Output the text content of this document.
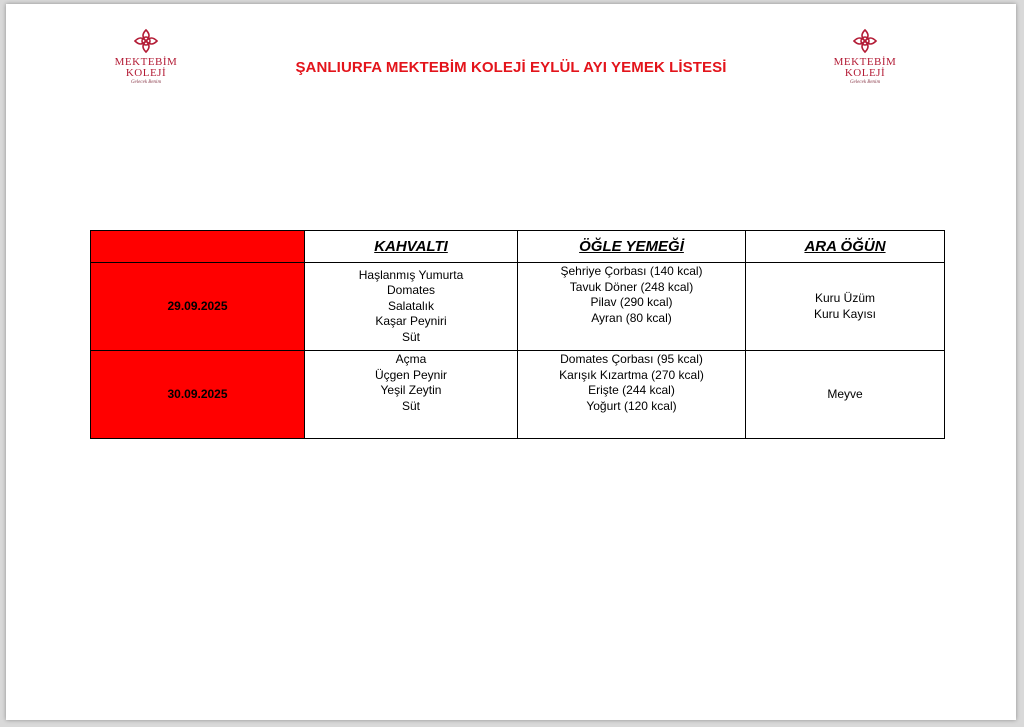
MEKTEBİM
KOLEJİ
Gelecek Benim
ŞANLIURFA MEKTEBİM KOLEJİ EYLÜL AYI YEMEK LİSTESİ	MEKTEBİM
KOLEJİ
Gelecek Benim
	KAHVALTI	ÖĞLE YEMEĞİ	ARA ÖĞÜN
29.09.2025	Haşlanmış Yumurta
Domates
Salatalık
Kaşar Peyniri
Süt	Şehriye Çorbası (140 kcal)
Tavuk Döner (248 kcal)
Pilav (290 kcal)
Ayran (80 kcal)	Kuru Üzüm
Kuru Kayısı

30.09.2025	Açma
Üçgen Peynir
Yeşil Zeytin
Süt	Domates Çorbası (95 kcal)
Karışık Kızartma (270 kcal)
Erişte (244 kcal)
Yoğurt (120 kcal)	Meyve
